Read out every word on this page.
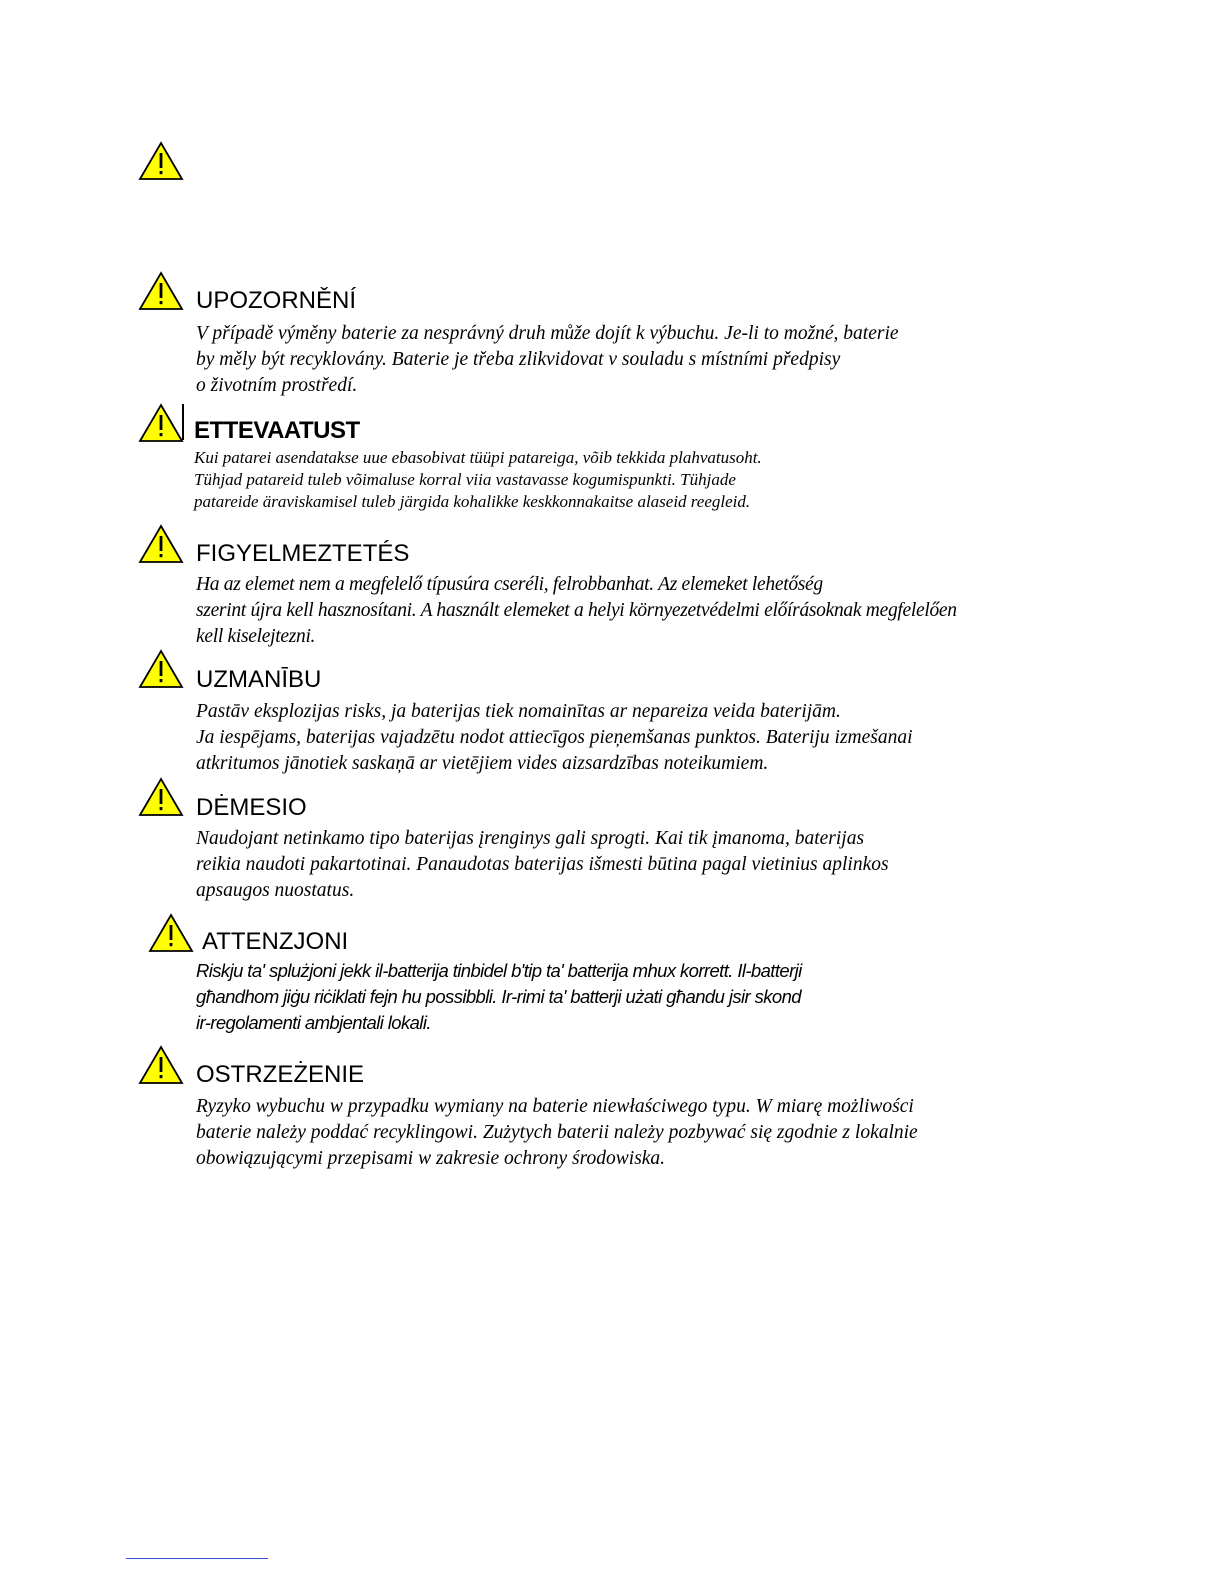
UPOZORNĚNÍ
V případě výměny baterie za nesprávný druh může dojít k výbuchu. Je-li to možné, baterie
by měly být recyklovány. Baterie je třeba zlikvidovat v souladu s místními předpisy
o životním prostředí.
ETTEVAATUST
Kui patarei asendatakse uue ebasobivat tüüpi patareiga, võib tekkida plahvatusoht.
Tühjad patareid tuleb võimaluse korral viia vastavasse kogumispunkti. Tühjade
patareide äraviskamisel tuleb järgida kohalikke keskkonnakaitse alaseid reegleid.
FIGYELMEZTETÉS
Ha az elemet nem a megfelelő típusúra cseréli, felrobbanhat. Az elemeket lehetőség
szerint újra kell hasznosítani. A használt elemeket a helyi környezetvédelmi előírásoknak megfelelően
kell kiselejtezni.
UZMANĪBU
Pastāv eksplozijas risks, ja baterijas tiek nomainītas ar nepareiza veida baterijām.
Ja iespējams, baterijas vajadzētu nodot attiecīgos pieņemšanas punktos. Bateriju izmešanai
atkritumos jānotiek saskaņā ar vietējiem vides aizsardzības noteikumiem.
DĖMESIO
Naudojant netinkamo tipo baterijas įrenginys gali sprogti. Kai tik įmanoma, baterijas
reikia naudoti pakartotinai. Panaudotas baterijas išmesti būtina pagal vietinius aplinkos
apsaugos nuostatus.
ATTENZJONI
Riskju ta' splużjoni jekk il-batterija tinbidel b'tip ta' batterija mhux korrett. Il-batterji
għandhom jiġu riċiklati fejn hu possibbli. Ir-rimi ta' batterji użati għandu jsir skond
ir-regolamenti ambjentali lokali.
OSTRZEŻENIE
Ryzyko wybuchu w przypadku wymiany na baterie niewłaściwego typu. W miarę możliwości
baterie należy poddać recyklingowi. Zużytych baterii należy pozbywać się zgodnie z lokalnie
obowiązującymi przepisami w zakresie ochrony środowiska.
